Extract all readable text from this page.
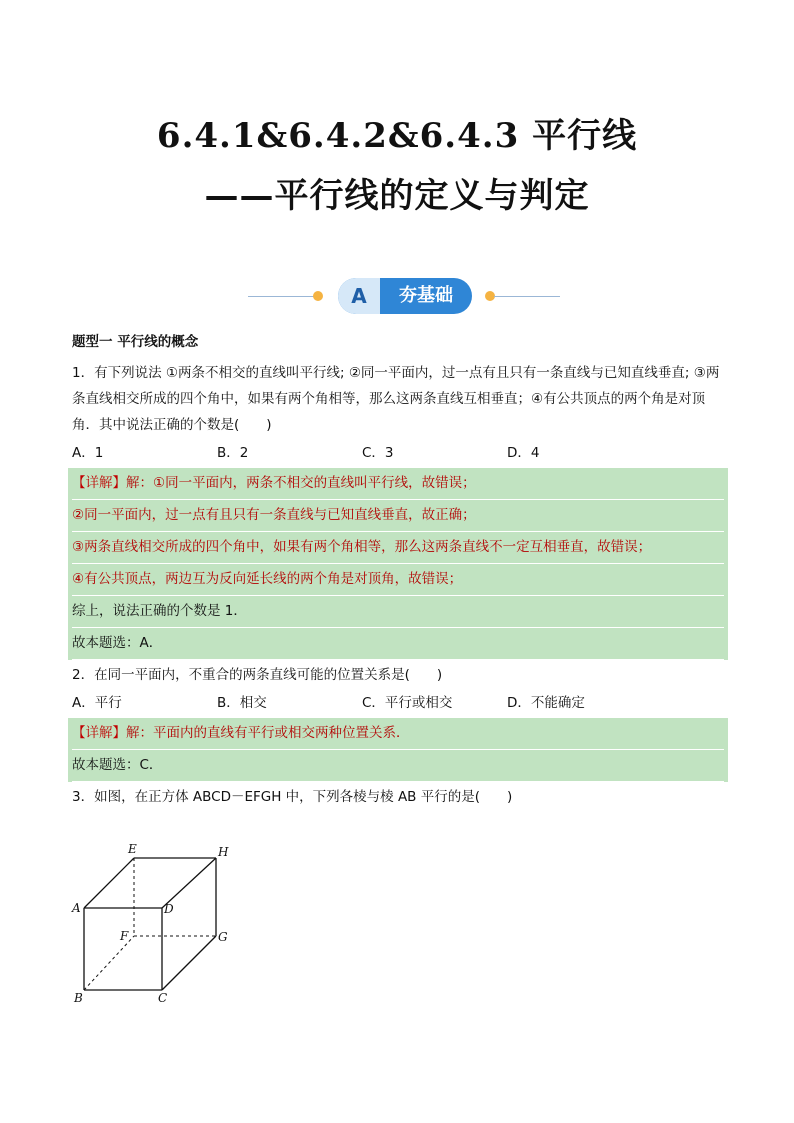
6.4.1&6.4.2&6.4.3 平行线
——平行线的定义与判定
A	夯基础
题型一 平行线的概念
1．有下列说法 ①两条不相交的直线叫平行线; ②同一平面内，过一点有且只有一条直线与已知直线垂直; ③两条直线相交所成的四个角中，如果有两个角相等，那么这两条直线互相垂直；④有公共顶点的两个角是对顶角．其中说法正确的个数是(　　)
A．1	B．2	C．3	D．4
【详解】解：①同一平面内，两条不相交的直线叫平行线，故错误；
②同一平面内，过一点有且只有一条直线与已知直线垂直，故正确；
③两条直线相交所成的四个角中，如果有两个角相等，那么这两条直线不一定互相垂直，故错误；
④有公共顶点，两边互为反向延长线的两个角是对顶角，故错误；
综上，说法正确的个数是 1．
故本题选：A．
2．在同一平面内，不重合的两条直线可能的位置关系是(　　)
A．平行	B．相交	C．平行或相交	D．不能确定
【详解】解：平面内的直线有平行或相交两种位置关系．
故本题选：C．
3．如图，在正方体 ABCD－EFGH 中，下列各棱与棱 AB 平行的是(　　)
E	H
A	D
F	G
B	C
